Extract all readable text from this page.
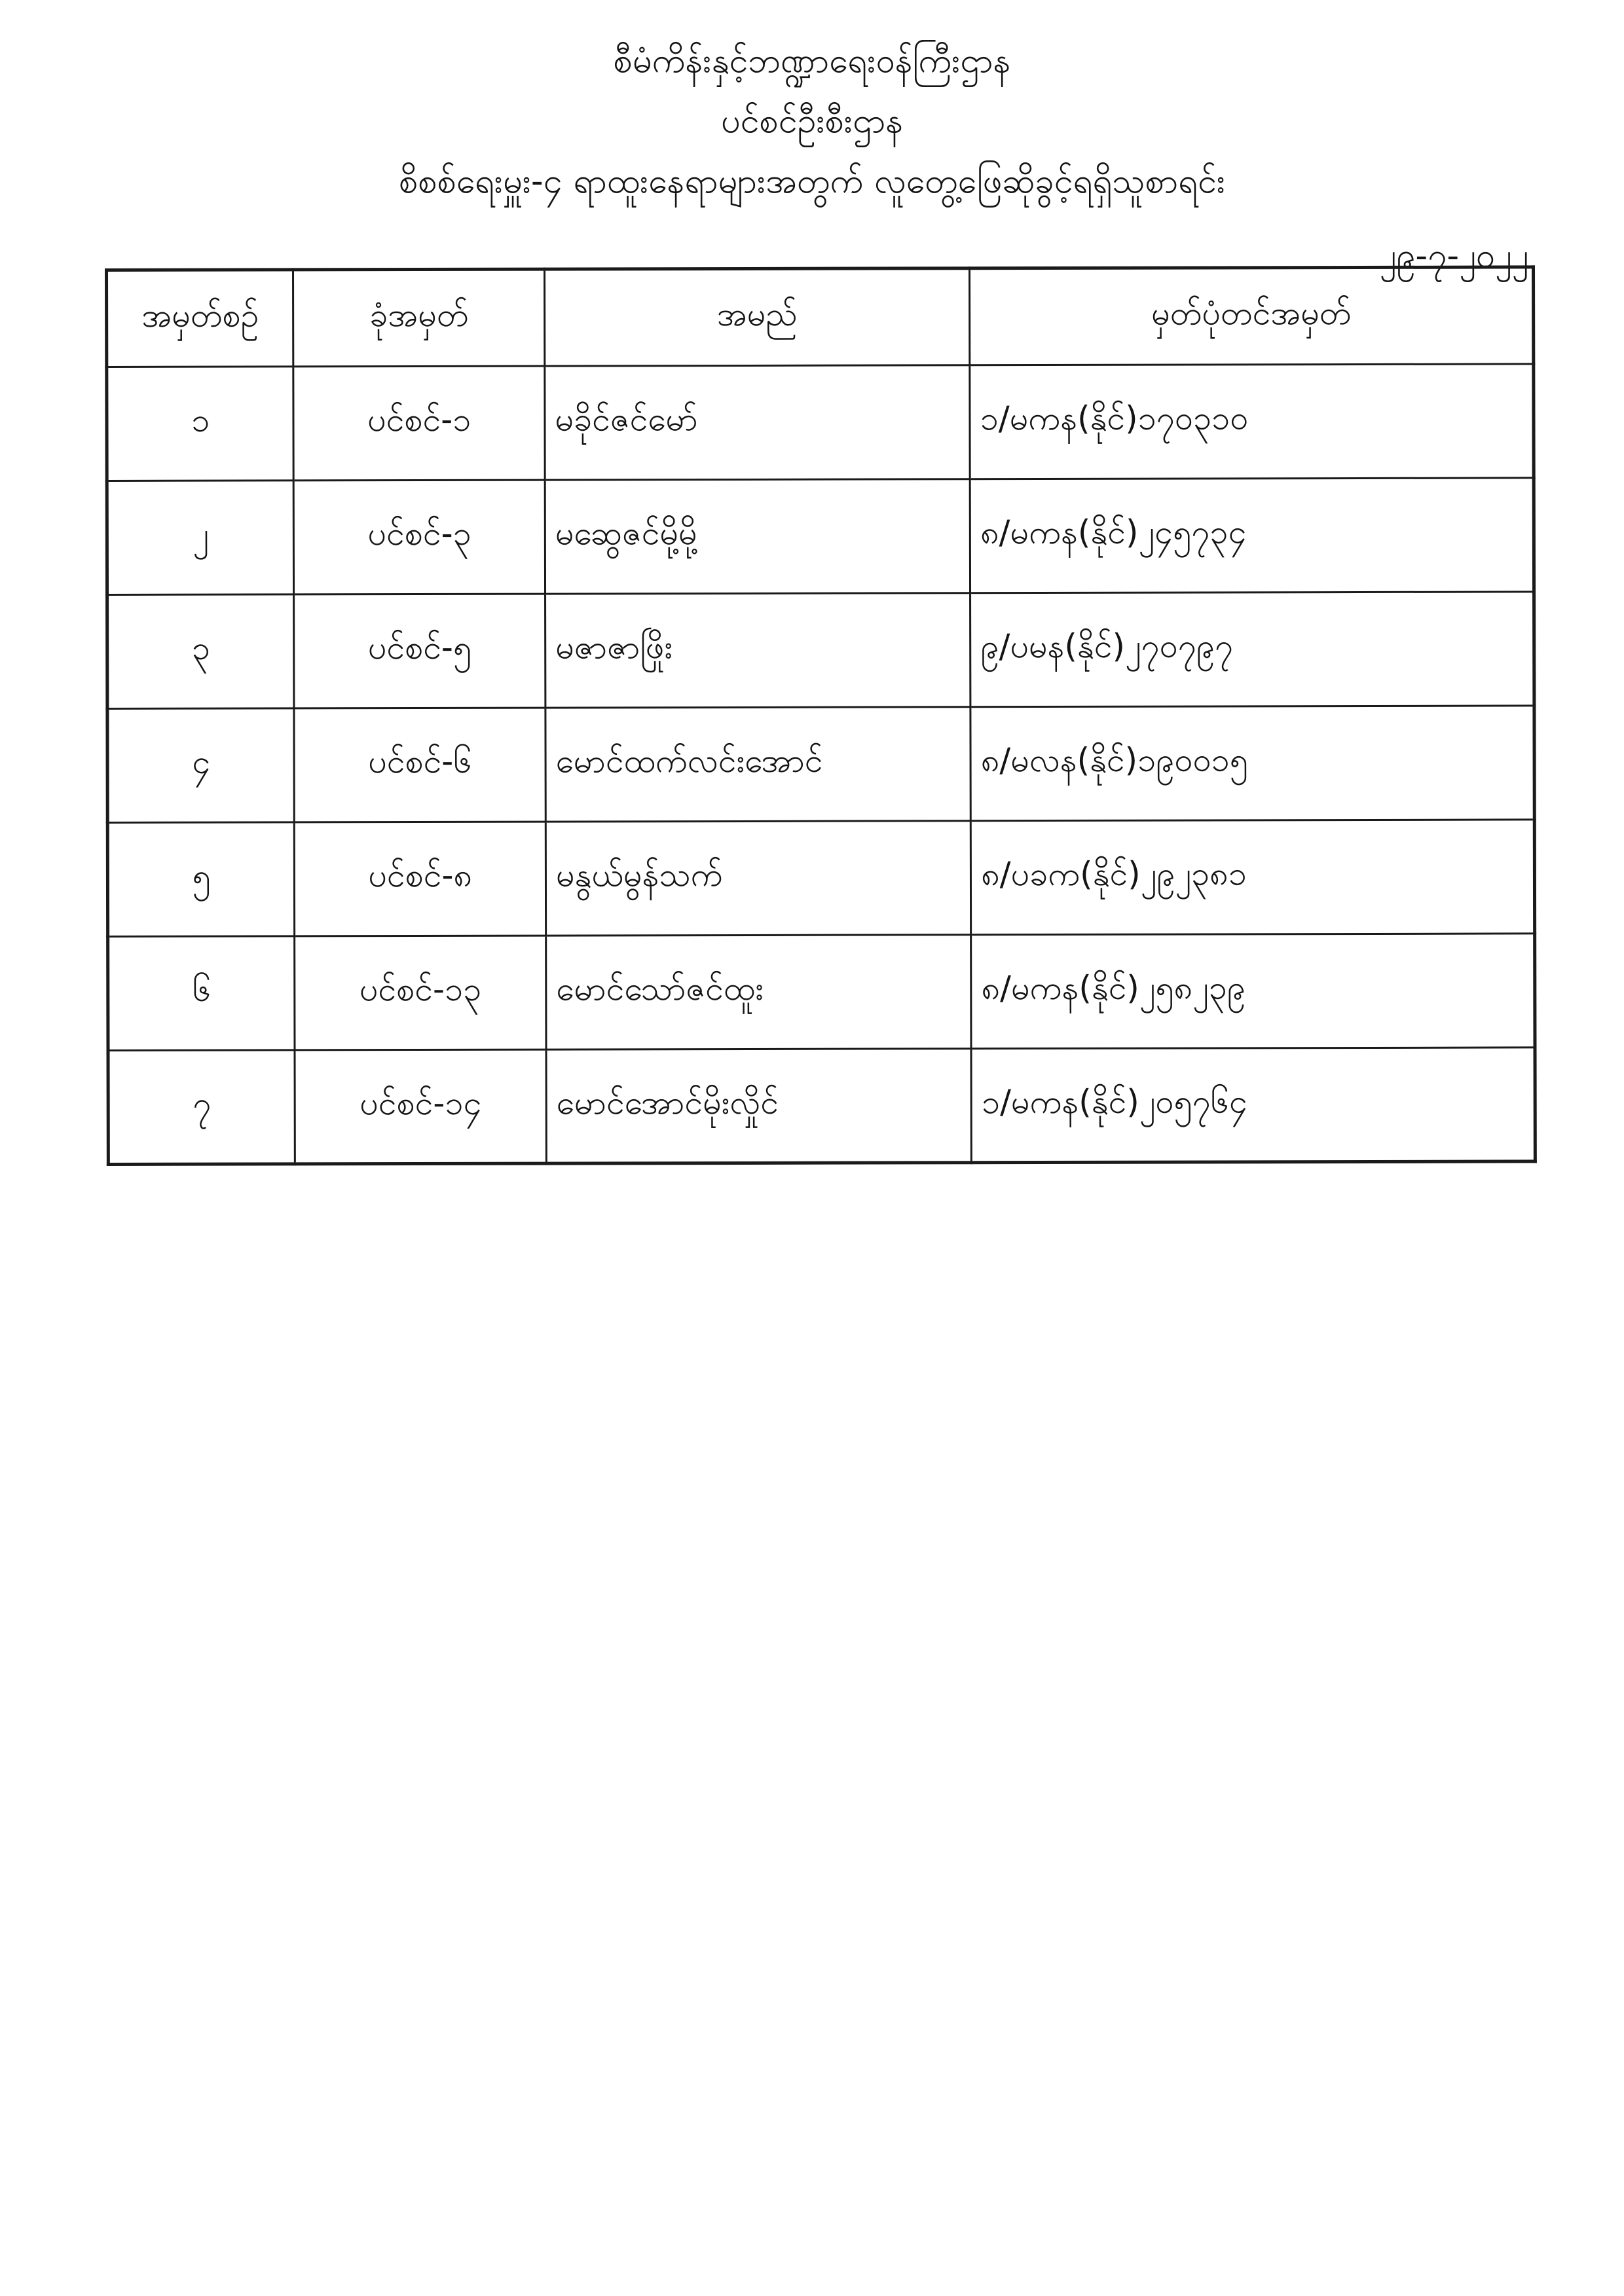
စီမံကိန်းနှင့်ဘဏ္ဍာရေးဝန်ကြီးဌာန
ပင်စင်ဦးစီးဌာန
စိစစ်ရေးမှူး-၄ ရာထူးနေရာများအတွက် လူတွေ့ဖြေဆိုခွင့်ရရှိသူစာရင်း
၂၉-၇-၂၀၂၂
အမှတ်စဉ်	ခုံအမှတ်	အမည်	မှတ်ပုံတင်အမှတ်
၁	ပင်စင်-၁	မခိုင်ဇင်မော်	၁/မကန(နိုင်)၁၇၀၃၁၀
၂	ပင်စင်-၃	မဆွေဇင်မို့မို့	၈/မကန(နိုင်)၂၄၅၇၃၄
၃	ပင်စင်-၅	မဇာဇာဖြိုး	၉/ပမန(နိုင်)၂၇၀၇၉၇
၄	ပင်စင်-၆	မောင်ထက်လင်းအောင်	၈/မလန(နိုင်)၁၉၀၀၁၅
၅	ပင်စင်-၈	မနွယ်မွန်သက်	၈/ပခက(နိုင်)၂၉၂၃၈၁
၆	ပင်စင်-၁၃	မောင်သော်ဇင်ထူး	၈/မကန(နိုင်)၂၅၈၂၃၉
၇	ပင်စင်-၁၄	မောင်အောင်မိုးလှိုင်	၁/မကန(နိုင်)၂၀၅၇၆၄
